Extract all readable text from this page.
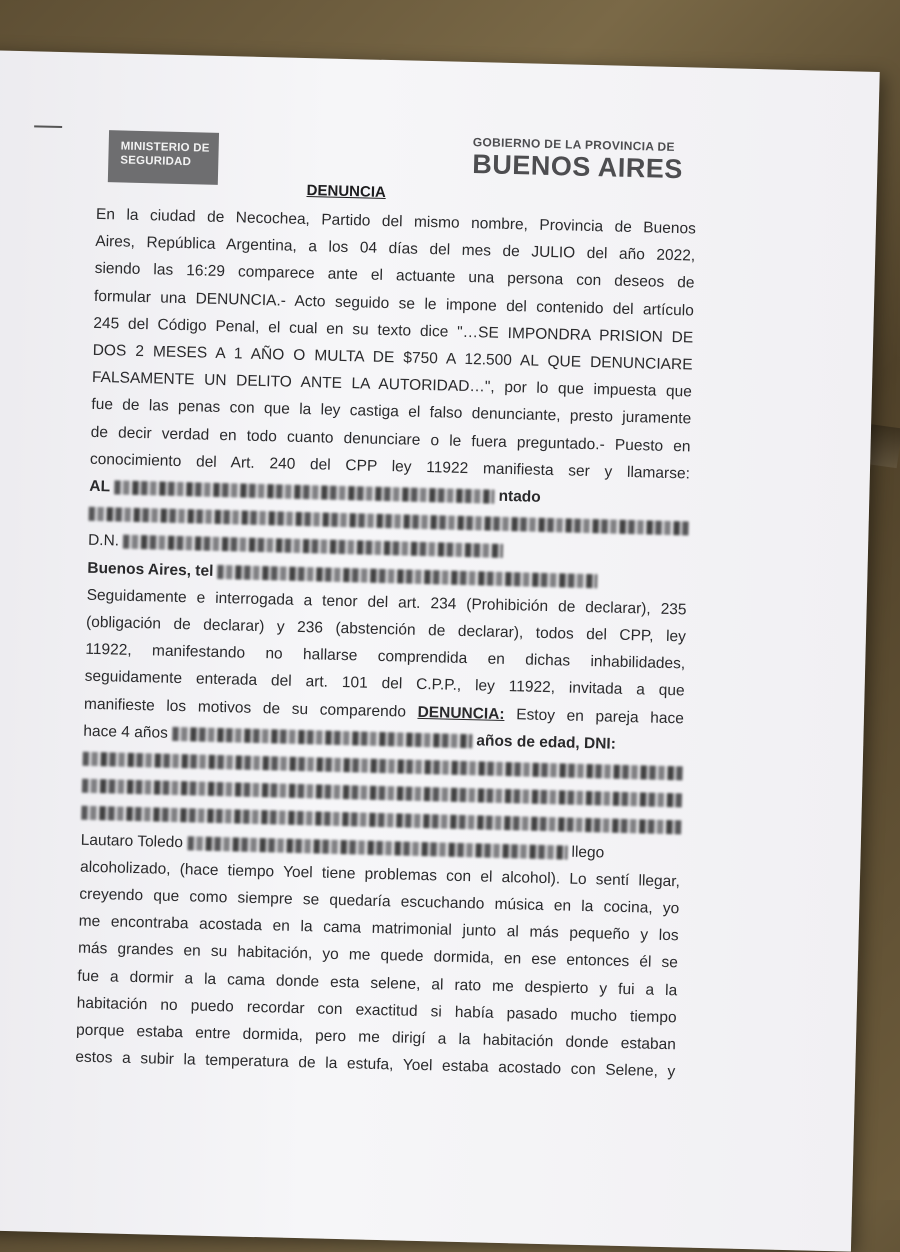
MINISTERIO DE
SEGURIDAD
GOBIERNO DE LA PROVINCIA DE
BUENOS AIRES
DENUNCIA
En la ciudad de Necochea, Partido del mismo nombre, Provincia de Buenos
Aires, República Argentina, a los 04 días del mes de JULIO del año 2022,
siendo las 16:29 comparece ante el actuante una persona con deseos de
formular una DENUNCIA.- Acto seguido se le impone del contenido del artículo
245 del Código Penal, el cual en su texto dice "…SE IMPONDRA PRISION DE
DOS 2 MESES A 1 AÑO O MULTA DE $750 A 12.500 AL QUE DENUNCIARE
FALSAMENTE UN DELITO ANTE LA AUTORIDAD…", por lo que impuesta que
fue de las penas con que la ley castiga el falso denunciante, presto juramente
de decir verdad en todo cuanto denunciare o le fuera preguntado.- Puesto en
conocimiento del Art. 240 del CPP ley 11922 manifiesta ser y llamarse:
AL  ntado
D.N.
Buenos Aires, tel
Seguidamente e interrogada a tenor del art. 234 (Prohibición de declarar), 235
(obligación de declarar) y 236 (abstención de declarar), todos del CPP, ley
11922, manifestando no hallarse comprendida en dichas inhabilidades,
seguidamente enterada del art. 101 del C.P.P., ley 11922, invitada a que
manifieste los motivos de su comparendo DENUNCIA: Estoy en pareja hace
hace 4 años  años de edad, DNI:
Lautaro Toledo  llego
alcoholizado, (hace tiempo Yoel tiene problemas con el alcohol). Lo sentí llegar,
creyendo que como siempre se quedaría escuchando música en la cocina, yo
me encontraba acostada en la cama matrimonial junto al más pequeño y los
más grandes en su habitación, yo me quede dormida, en ese entonces él se
fue a dormir a la cama donde esta selene, al rato me despierto y fui a la
habitación no puedo recordar con exactitud si había pasado mucho tiempo
porque estaba entre dormida, pero me dirigí a la habitación donde estaban
estos a subir la temperatura de la estufa, Yoel estaba acostado con Selene, y
